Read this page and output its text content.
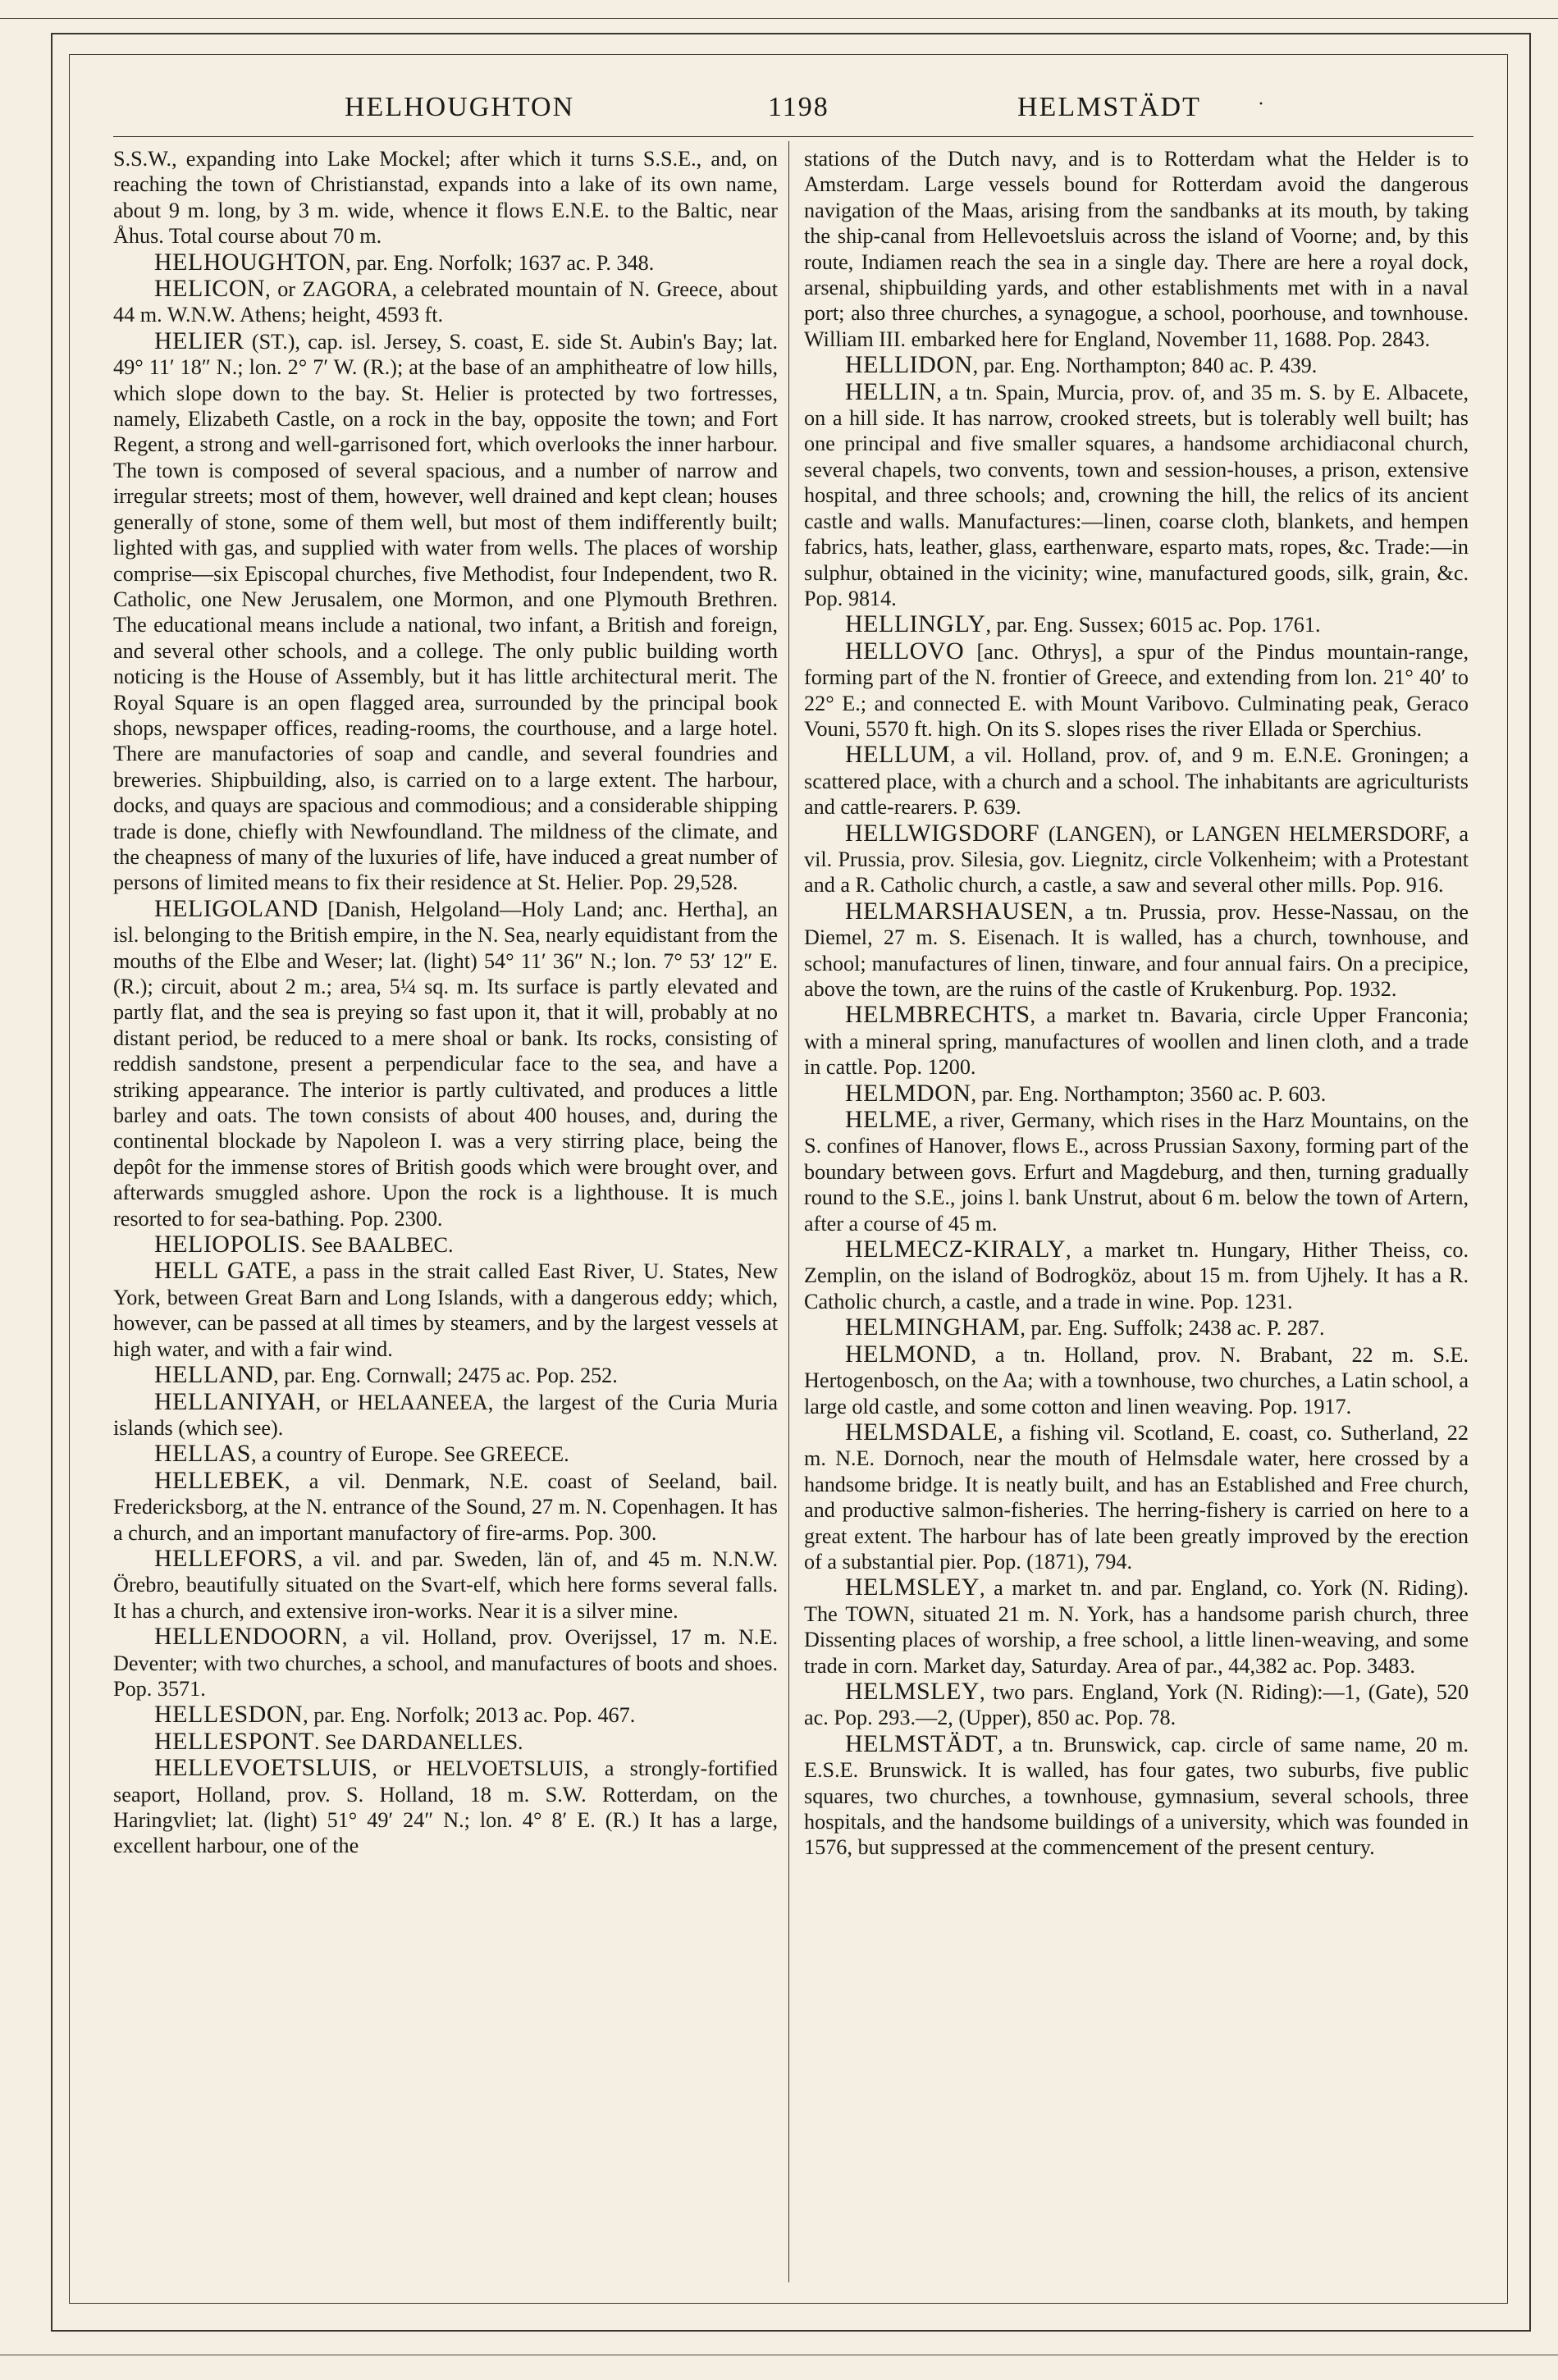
HELHOUGHTON	1198	HELMSTÄDT	·

S.S.W., expanding into Lake Mockel; after which it turns S.S.E., and, on reaching the town of Christianstad, expands into a lake of its own name, about 9 m. long, by 3 m. wide, whence it flows E.N.E. to the Baltic, near Åhus. Total course about 70 m.

HELHOUGHTON, par. Eng. Norfolk; 1637 ac. P. 348.

HELICON, or ZAGORA, a celebrated mountain of N. Greece, about 44 m. W.N.W. Athens; height, 4593 ft.

HELIER (ST.), cap. isl. Jersey, S. coast, E. side St. Aubin's Bay; lat. 49° 11′ 18″ N.; lon. 2° 7′ W. (R.); at the base of an amphitheatre of low hills, which slope down to the bay. St. Helier is protected by two fortresses, namely, Elizabeth Castle, on a rock in the bay, opposite the town; and Fort Regent, a strong and well-garrisoned fort, which overlooks the inner harbour. The town is composed of several spacious, and a number of narrow and irregular streets; most of them, however, well drained and kept clean; houses generally of stone, some of them well, but most of them indifferently built; lighted with gas, and supplied with water from wells. The places of worship comprise—six Episcopal churches, five Methodist, four Independent, two R. Catholic, one New Jerusalem, one Mormon, and one Plymouth Brethren. The educational means include a national, two infant, a British and foreign, and several other schools, and a college. The only public building worth noticing is the House of Assembly, but it has little architectural merit. The Royal Square is an open flagged area, surrounded by the principal book shops, newspaper offices, reading-rooms, the courthouse, and a large hotel. There are manufactories of soap and candle, and several foundries and breweries. Shipbuilding, also, is carried on to a large extent. The harbour, docks, and quays are spacious and commodious; and a considerable shipping trade is done, chiefly with Newfoundland. The mildness of the climate, and the cheapness of many of the luxuries of life, have induced a great number of persons of limited means to fix their residence at St. Helier. Pop. 29,528.

HELIGOLAND [Danish, Helgoland—Holy Land; anc. Hertha], an isl. belonging to the British empire, in the N. Sea, nearly equidistant from the mouths of the Elbe and Weser; lat. (light) 54° 11′ 36″ N.; lon. 7° 53′ 12″ E. (R.); circuit, about 2 m.; area, 5¼ sq. m. Its surface is partly elevated and partly flat, and the sea is preying so fast upon it, that it will, probably at no distant period, be reduced to a mere shoal or bank. Its rocks, consisting of reddish sandstone, present a perpendicular face to the sea, and have a striking appearance. The interior is partly cultivated, and produces a little barley and oats. The town consists of about 400 houses, and, during the continental blockade by Napoleon I. was a very stirring place, being the depôt for the immense stores of British goods which were brought over, and afterwards smuggled ashore. Upon the rock is a lighthouse. It is much resorted to for sea-bathing. Pop. 2300.

HELIOPOLIS. See BAALBEC.

HELL GATE, a pass in the strait called East River, U. States, New York, between Great Barn and Long Islands, with a dangerous eddy; which, however, can be passed at all times by steamers, and by the largest vessels at high water, and with a fair wind.

HELLAND, par. Eng. Cornwall; 2475 ac. Pop. 252.

HELLANIYAH, or HELAANEEA, the largest of the Curia Muria islands (which see).

HELLAS, a country of Europe. See GREECE.

HELLEBEK, a vil. Denmark, N.E. coast of Seeland, bail. Fredericksborg, at the N. entrance of the Sound, 27 m. N. Copenhagen. It has a church, and an important manufactory of fire-arms. Pop. 300.

HELLEFORS, a vil. and par. Sweden, län of, and 45 m. N.N.W. Örebro, beautifully situated on the Svart-elf, which here forms several falls. It has a church, and extensive iron-works. Near it is a silver mine.

HELLENDOORN, a vil. Holland, prov. Overijssel, 17 m. N.E. Deventer; with two churches, a school, and manufactures of boots and shoes. Pop. 3571.

HELLESDON, par. Eng. Norfolk; 2013 ac. Pop. 467.

HELLESPONT. See DARDANELLES.

HELLEVOETSLUIS, or HELVOETSLUIS, a strongly-fortified seaport, Holland, prov. S. Holland, 18 m. S.W. Rotterdam, on the Haringvliet; lat. (light) 51° 49′ 24″ N.; lon. 4° 8′ E. (R.) It has a large, excellent harbour, one of the

stations of the Dutch navy, and is to Rotterdam what the Helder is to Amsterdam. Large vessels bound for Rotterdam avoid the dangerous navigation of the Maas, arising from the sandbanks at its mouth, by taking the ship-canal from Hellevoetsluis across the island of Voorne; and, by this route, Indiamen reach the sea in a single day. There are here a royal dock, arsenal, shipbuilding yards, and other establishments met with in a naval port; also three churches, a synagogue, a school, poorhouse, and townhouse. William III. embarked here for England, November 11, 1688. Pop. 2843.

HELLIDON, par. Eng. Northampton; 840 ac. P. 439.

HELLIN, a tn. Spain, Murcia, prov. of, and 35 m. S. by E. Albacete, on a hill side. It has narrow, crooked streets, but is tolerably well built; has one principal and five smaller squares, a handsome archidiaconal church, several chapels, two convents, town and session-houses, a prison, extensive hospital, and three schools; and, crowning the hill, the relics of its ancient castle and walls. Manufactures:—linen, coarse cloth, blankets, and hempen fabrics, hats, leather, glass, earthenware, esparto mats, ropes, &c. Trade:—in sulphur, obtained in the vicinity; wine, manufactured goods, silk, grain, &c. Pop. 9814.

HELLINGLY, par. Eng. Sussex; 6015 ac. Pop. 1761.

HELLOVO [anc. Othrys], a spur of the Pindus mountain-range, forming part of the N. frontier of Greece, and extending from lon. 21° 40′ to 22° E.; and connected E. with Mount Varibovo. Culminating peak, Geraco Vouni, 5570 ft. high. On its S. slopes rises the river Ellada or Sperchius.

HELLUM, a vil. Holland, prov. of, and 9 m. E.N.E. Groningen; a scattered place, with a church and a school. The inhabitants are agriculturists and cattle-rearers. P. 639.

HELLWIGSDORF (LANGEN), or LANGEN HELMERSDORF, a vil. Prussia, prov. Silesia, gov. Liegnitz, circle Volkenheim; with a Protestant and a R. Catholic church, a castle, a saw and several other mills. Pop. 916.

HELMARSHAUSEN, a tn. Prussia, prov. Hesse-Nassau, on the Diemel, 27 m. S. Eisenach. It is walled, has a church, townhouse, and school; manufactures of linen, tinware, and four annual fairs. On a precipice, above the town, are the ruins of the castle of Krukenburg. Pop. 1932.

HELMBRECHTS, a market tn. Bavaria, circle Upper Franconia; with a mineral spring, manufactures of woollen and linen cloth, and a trade in cattle. Pop. 1200.

HELMDON, par. Eng. Northampton; 3560 ac. P. 603.

HELME, a river, Germany, which rises in the Harz Mountains, on the S. confines of Hanover, flows E., across Prussian Saxony, forming part of the boundary between govs. Erfurt and Magdeburg, and then, turning gradually round to the S.E., joins l. bank Unstrut, about 6 m. below the town of Artern, after a course of 45 m.

HELMECZ-KIRALY, a market tn. Hungary, Hither Theiss, co. Zemplin, on the island of Bodrogköz, about 15 m. from Ujhely. It has a R. Catholic church, a castle, and a trade in wine. Pop. 1231.

HELMINGHAM, par. Eng. Suffolk; 2438 ac. P. 287.

HELMOND, a tn. Holland, prov. N. Brabant, 22 m. S.E. Hertogenbosch, on the Aa; with a townhouse, two churches, a Latin school, a large old castle, and some cotton and linen weaving. Pop. 1917.

HELMSDALE, a fishing vil. Scotland, E. coast, co. Sutherland, 22 m. N.E. Dornoch, near the mouth of Helmsdale water, here crossed by a handsome bridge. It is neatly built, and has an Established and Free church, and productive salmon-fisheries. The herring-fishery is carried on here to a great extent. The harbour has of late been greatly improved by the erection of a substantial pier. Pop. (1871), 794.

HELMSLEY, a market tn. and par. England, co. York (N. Riding). The TOWN, situated 21 m. N. York, has a handsome parish church, three Dissenting places of worship, a free school, a little linen-weaving, and some trade in corn. Market day, Saturday. Area of par., 44,382 ac. Pop. 3483.

HELMSLEY, two pars. England, York (N. Riding):—1, (Gate), 520 ac. Pop. 293.—2, (Upper), 850 ac. Pop. 78.

HELMSTÄDT, a tn. Brunswick, cap. circle of same name, 20 m. E.S.E. Brunswick. It is walled, has four gates, two suburbs, five public squares, two churches, a townhouse, gymnasium, several schools, three hospitals, and the handsome buildings of a university, which was founded in 1576, but suppressed at the commencement of the present century.
